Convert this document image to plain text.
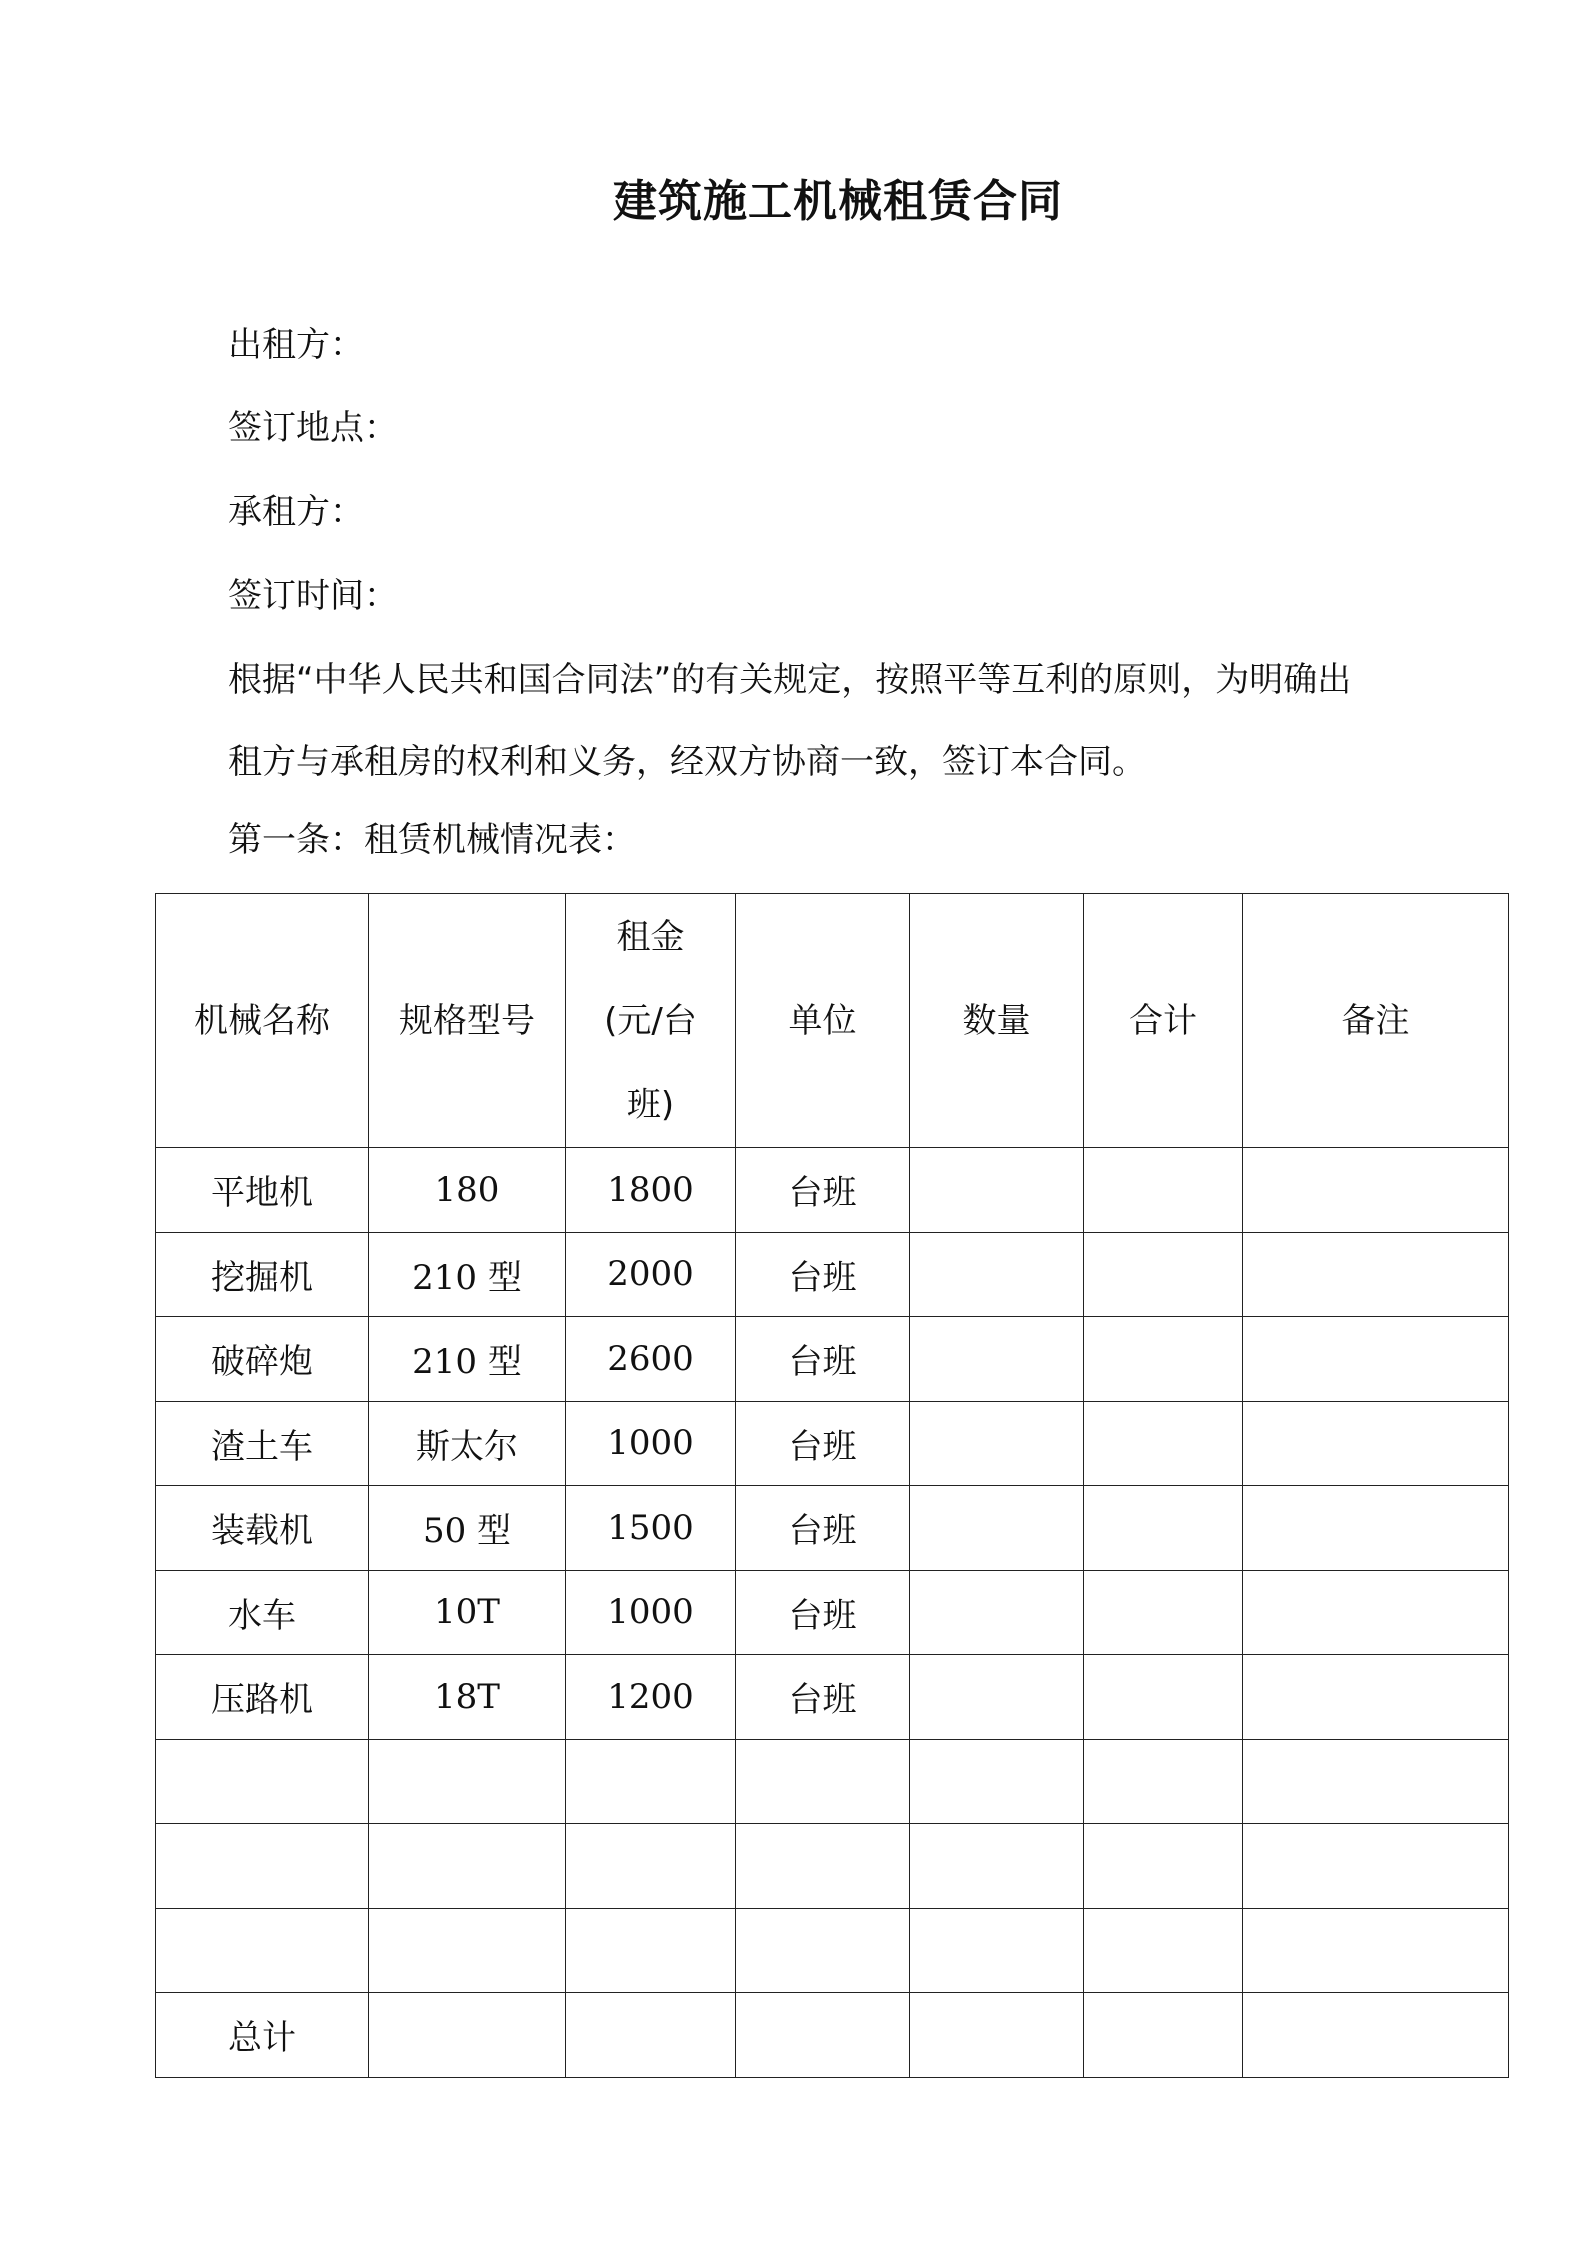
建筑施工机械租赁合同
出租方：
签订地点：
承租方：
签订时间：
根据“中华人民共和国合同法”的有关规定，按照平等互利的原则，为明确出
租方与承租房的权利和义务，经双方协商一致，签订本合同。
第一条：租赁机械情况表：
机械名称	规格型号	租金(元/台班)	单位	数量	合计	备注
平地机	180	1800	台班			
挖掘机	210 型	2000	台班			
破碎炮	210 型	2600	台班			
渣土车	斯太尔	1000	台班			
装载机	50 型	1500	台班			
水车	10T	1000	台班			
压路机	18T	1200	台班			

总计						
